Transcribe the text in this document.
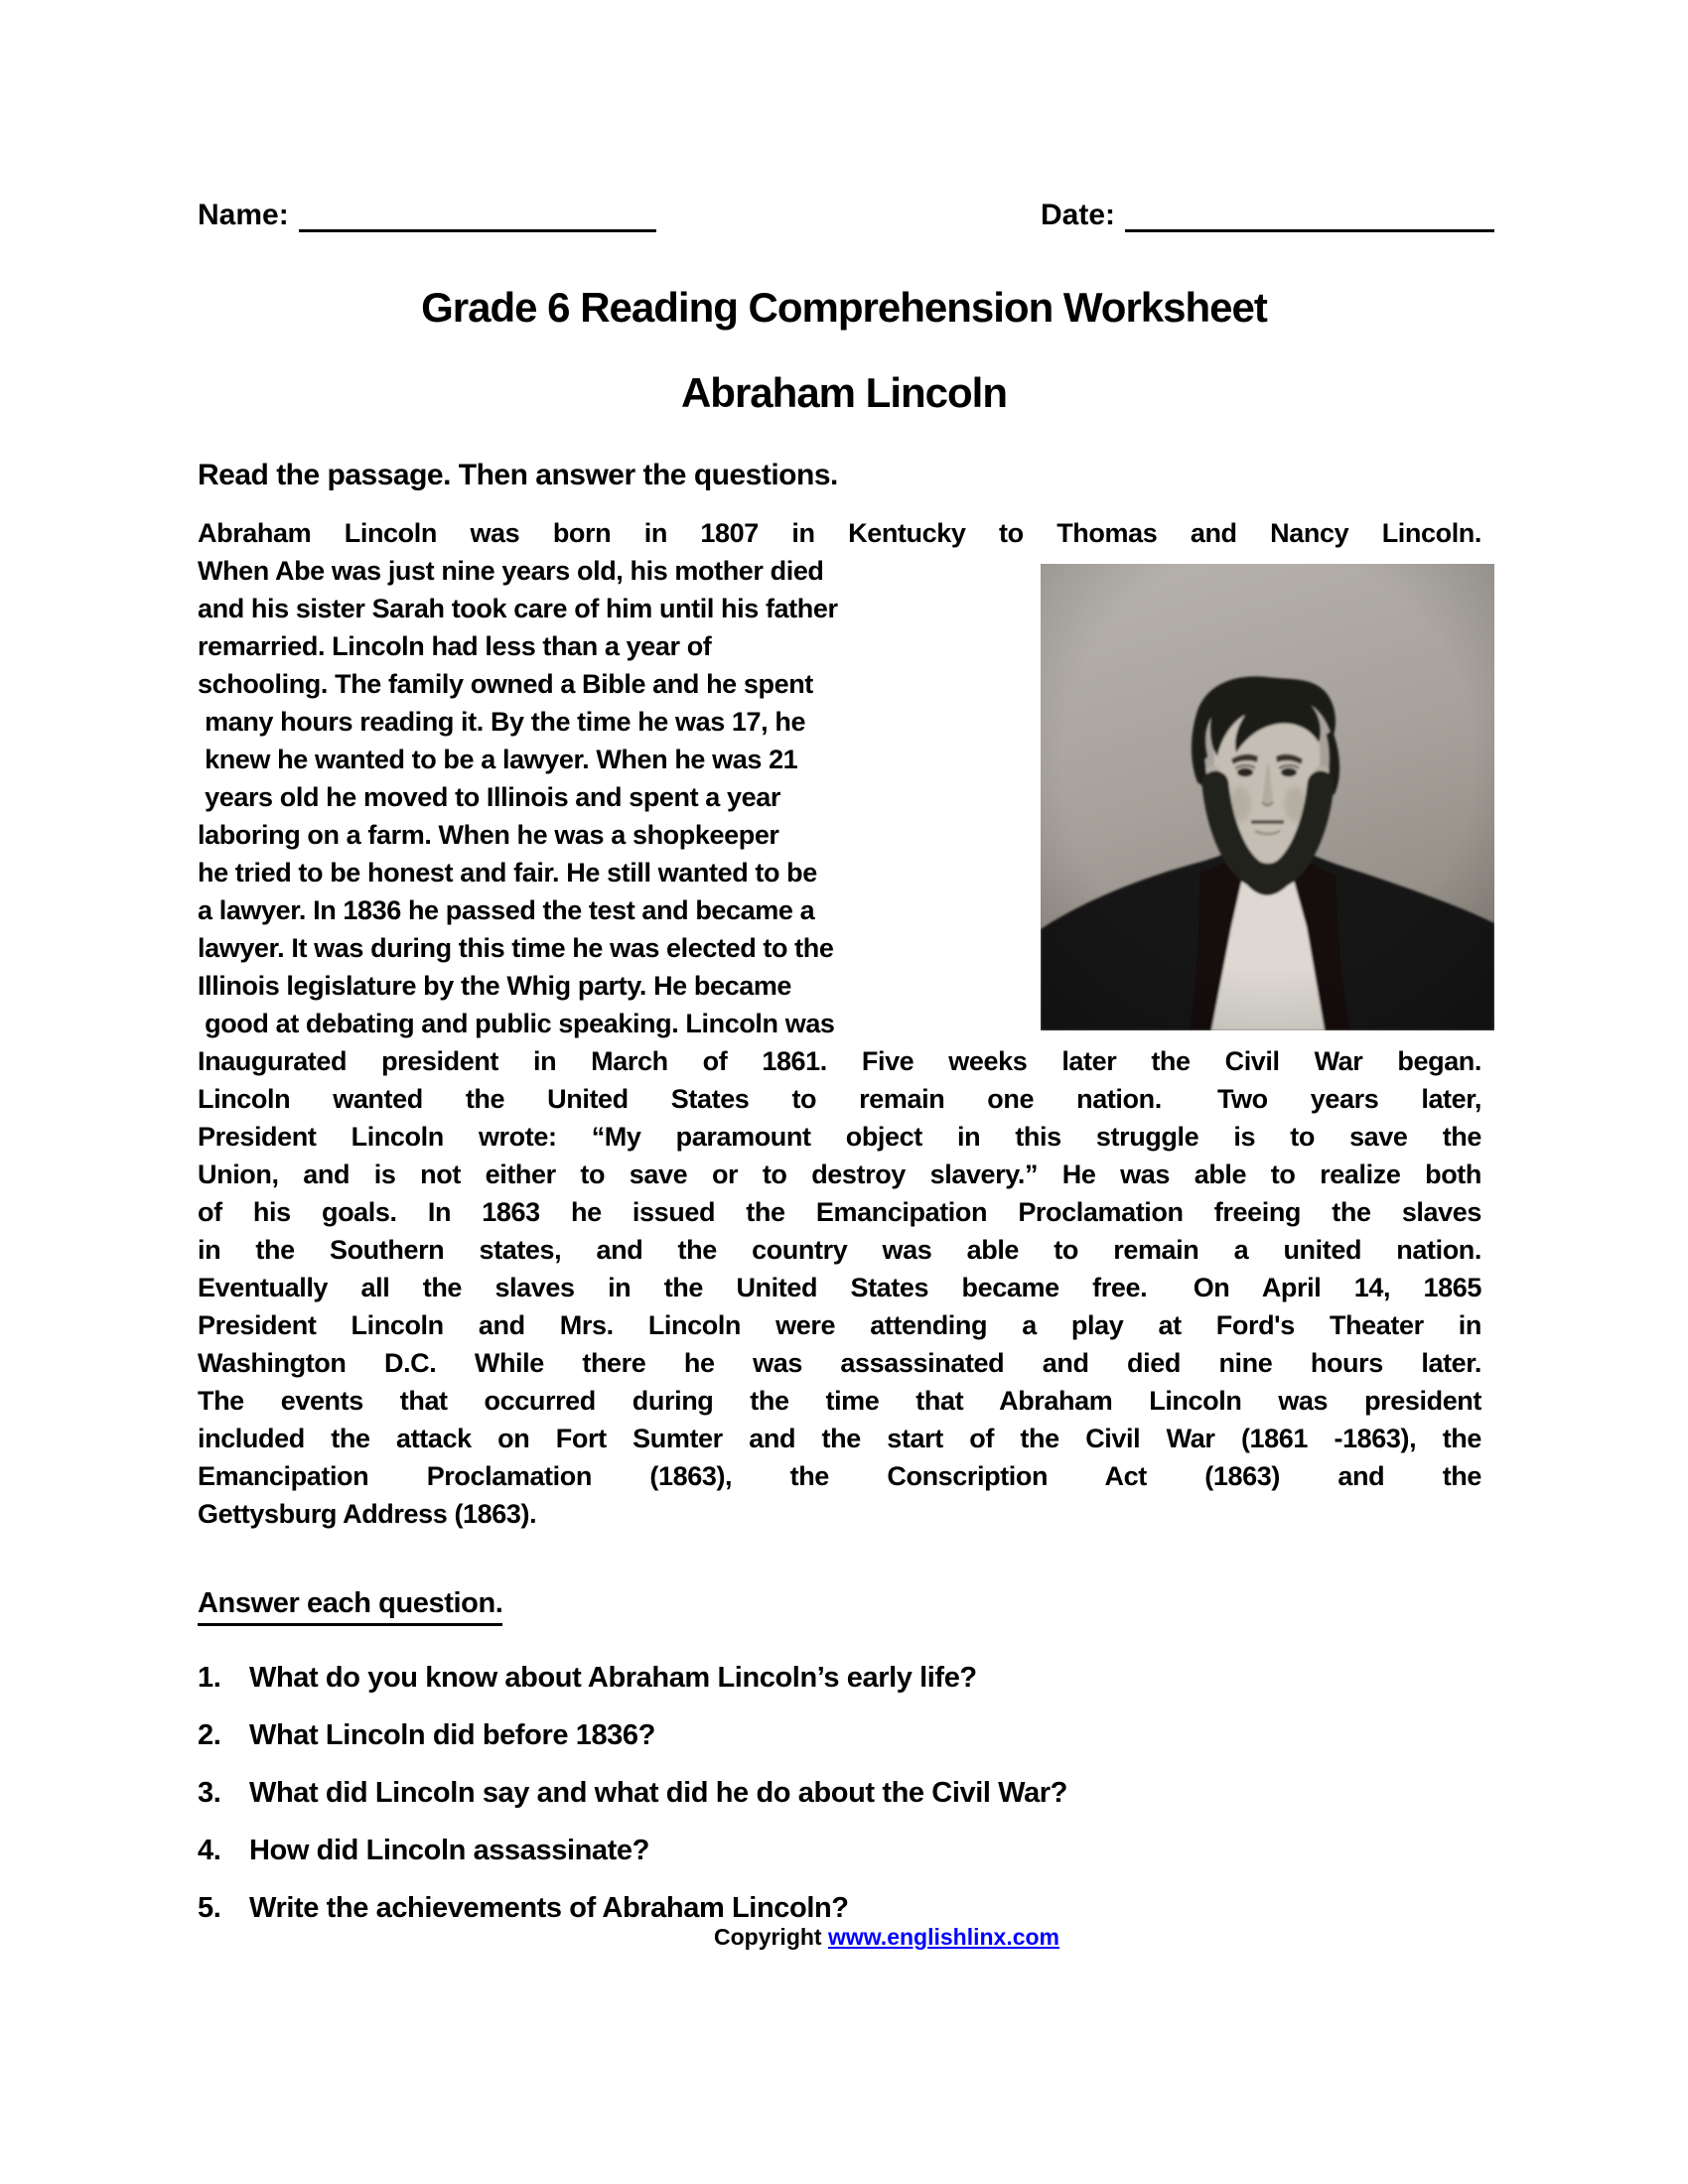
Name:	Date:
Grade 6 Reading Comprehension Worksheet
Abraham Lincoln
Read the passage. Then answer the questions.
Abraham Lincoln was born in 1807 in Kentucky to Thomas and Nancy Lincoln.
When Abe was just nine years old, his mother died
and his sister Sarah took care of him until his father
remarried. Lincoln had less than a year of
schooling. The family owned a Bible and he spent
many hours reading it. By the time he was 17, he
knew he wanted to be a lawyer. When he was 21
years old he moved to Illinois and spent a year
laboring on a farm. When he was a shopkeeper
he tried to be honest and fair. He still wanted to be
a lawyer. In 1836 he passed the test and became a
lawyer. It was during this time he was elected to the
Illinois legislature by the Whig party. He became
good at debating and public speaking. Lincoln was
Inaugurated president in March of 1861. Five weeks later the Civil War began.
Lincoln wanted the United States to remain one nation.  Two years later,
President Lincoln wrote: “My paramount object in this struggle is to save the
Union, and is not either to save or to destroy slavery.” He was able to realize both
of his goals. In 1863 he issued the Emancipation Proclamation freeing the slaves
in the Southern states, and the country was able to remain a united nation.
Eventually all the slaves in the United States became free.  On April 14, 1865
President Lincoln and Mrs. Lincoln were attending a play at Ford's Theater in
Washington D.C. While there he was assassinated and died nine hours later.
The events that occurred during the time that Abraham Lincoln was president
included the attack on Fort Sumter and the start of the Civil War (1861 -1863), the
Emancipation Proclamation (1863), the Conscription Act (1863) and the
Gettysburg Address (1863).
Answer each question.
1. What do you know about Abraham Lincoln’s early life?
2. What Lincoln did before 1836?
3. What did Lincoln say and what did he do about the Civil War?
4. How did Lincoln assassinate?
5. Write the achievements of Abraham Lincoln?
Copyright www.englishlinx.com
